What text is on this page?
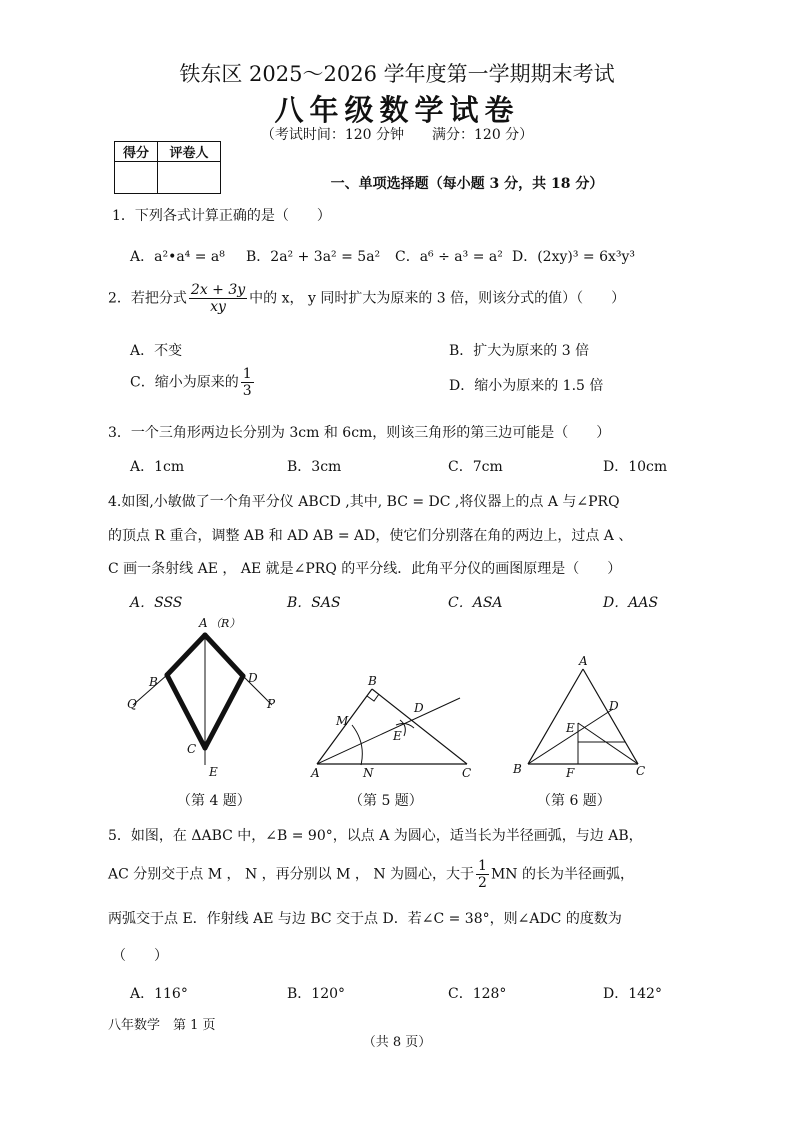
铁东区 2025～2026 学年度第一学期期末考试
八年级数学试卷
（考试时间：120 分钟 满分：120 分）
得分	评卷人

一、单项选择题（每小题 3 分，共 18 分）
1．下列各式计算正确的是（　　）
A．a²•a⁴ = a⁸ B．2a² + 3a² = 5a² C．a⁶ ÷ a³ = a² D．(2xy)³ = 6x³y³
2．若把分式 $\frac{2x + 3y}{xy}$ 中的 x， y 同时扩大为原来的 3 倍，则该分式的值）（　　）
A．不变	B．扩大为原来的 3 倍
C．缩小为原来的 $\frac{1}{3}$	D．缩小为原来的 1.5 倍
3．一个三角形两边长分别为 3cm 和 6cm，则该三角形的第三边可能是（　　）
A．1cm	B．3cm	C．7cm	D．10cm
4.如图,小敏做了一个角平分仪 ABCD ,其中, BC = DC ,将仪器上的点 A 与∠PRQ
的顶点 R 重合，调整 AB 和 AD AB = AD，使它们分别落在角的两边上，过点 A 、
C 画一条射线 AE ， AE 就是∠PRQ 的平分线．此角平分仪的画图原理是（　　）
A．SSS	B．SAS	C．ASA	D．AAS
A （R）
B	D
Q	P
C
E
（第 4 题）
B
M
D
E
A	N	C
（第 5 题）
A
D
E
B	F	C
（第 6 题）
5．如图，在 ΔABC 中，∠B = 90°，以点 A 为圆心，适当长为半径画弧，与边 AB，
AC 分别交于点 M ， N ，再分别以 M ， N 为圆心，大于 $\frac{1}{2}$ MN 的长为半径画弧，
两弧交于点 E．作射线 AE 与边 BC 交于点 D．若∠C = 38°，则∠ADC 的度数为
（　　）
A．116°	B．120°	C．128°	D．142°
八年数学　第 1 页
（共 8 页）
